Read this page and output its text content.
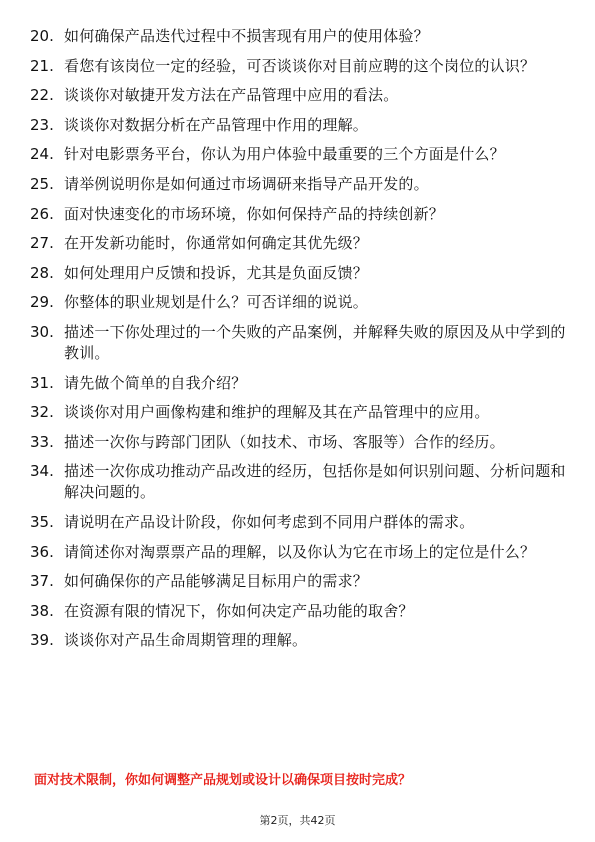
20. 如何确保产品迭代过程中不损害现有用户的使用体验？
21. 看您有该岗位一定的经验，可否谈谈你对目前应聘的这个岗位的认识？
22. 谈谈你对敏捷开发方法在产品管理中应用的看法。
23. 谈谈你对数据分析在产品管理中作用的理解。
24. 针对电影票务平台，你认为用户体验中最重要的三个方面是什么？
25. 请举例说明你是如何通过市场调研来指导产品开发的。
26. 面对快速变化的市场环境，你如何保持产品的持续创新？
27. 在开发新功能时，你通常如何确定其优先级？
28. 如何处理用户反馈和投诉，尤其是负面反馈？
29. 你整体的职业规划是什么？可否详细的说说。
30. 描述一下你处理过的一个失败的产品案例，并解释失败的原因及从中学到的教训。
31. 请先做个简单的自我介绍？
32. 谈谈你对用户画像构建和维护的理解及其在产品管理中的应用。
33. 描述一次你与跨部门团队（如技术、市场、客服等）合作的经历。
34. 描述一次你成功推动产品改进的经历，包括你是如何识别问题、分析问题和解决问题的。
35. 请说明在产品设计阶段，你如何考虑到不同用户群体的需求。
36. 请简述你对淘票票产品的理解，以及你认为它在市场上的定位是什么？
37. 如何确保你的产品能够满足目标用户的需求？
38. 在资源有限的情况下，你如何决定产品功能的取舍？
39. 谈谈你对产品生命周期管理的理解。
面对技术限制，你如何调整产品规划或设计以确保项目按时完成？
第2页，共42页
